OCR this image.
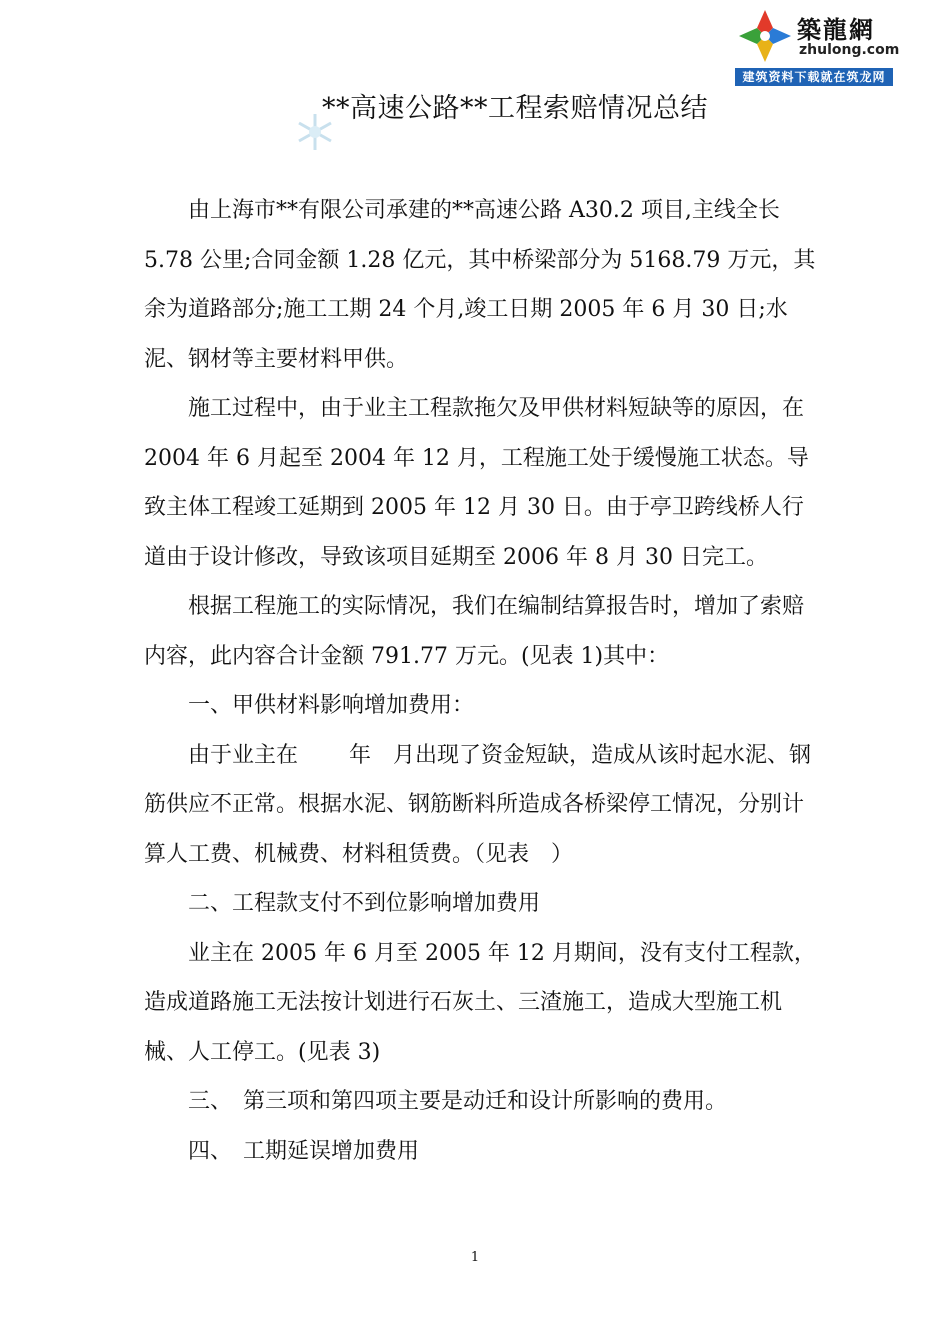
築龍網
zhulong.com
建筑资料下载就在筑龙网
**高速公路**工程索赔情况总结

由上海市**有限公司承建的**高速公路 A30.2 项目,主线全长 5.78 公里;合同金额 1.28 亿元，其中桥梁部分为 5168.79 万元，其余为道路部分;施工工期 24 个月,竣工日期 2005 年 6 月 30 日;水泥、钢材等主要材料甲供。

施工过程中，由于业主工程款拖欠及甲供材料短缺等的原因，在 2004 年 6 月起至 2004 年 12 月，工程施工处于缓慢施工状态。导致主体工程竣工延期到 2005 年 12 月 30 日。由于亭卫跨线桥人行道由于设计修改，导致该项目延期至 2006 年 8 月 30 日完工。

根据工程施工的实际情况，我们在编制结算报告时，增加了索赔内容，此内容合计金额 791.77 万元。(见表 1)其中：

一、甲供材料影响增加费用：

由于业主在　　 年　月出现了资金短缺，造成从该时起水泥、钢筋供应不正常。根据水泥、钢筋断料所造成各桥梁停工情况，分别计算人工费、机械费、材料租赁费。（见表　）

二、工程款支付不到位影响增加费用

业主在 2005 年 6 月至 2005 年 12 月期间，没有支付工程款，造成道路施工无法按计划进行石灰土、三渣施工，造成大型施工机械、人工停工。(见表 3)

三、　第三项和第四项主要是动迁和设计所影响的费用。

四、　工期延误增加费用

1
